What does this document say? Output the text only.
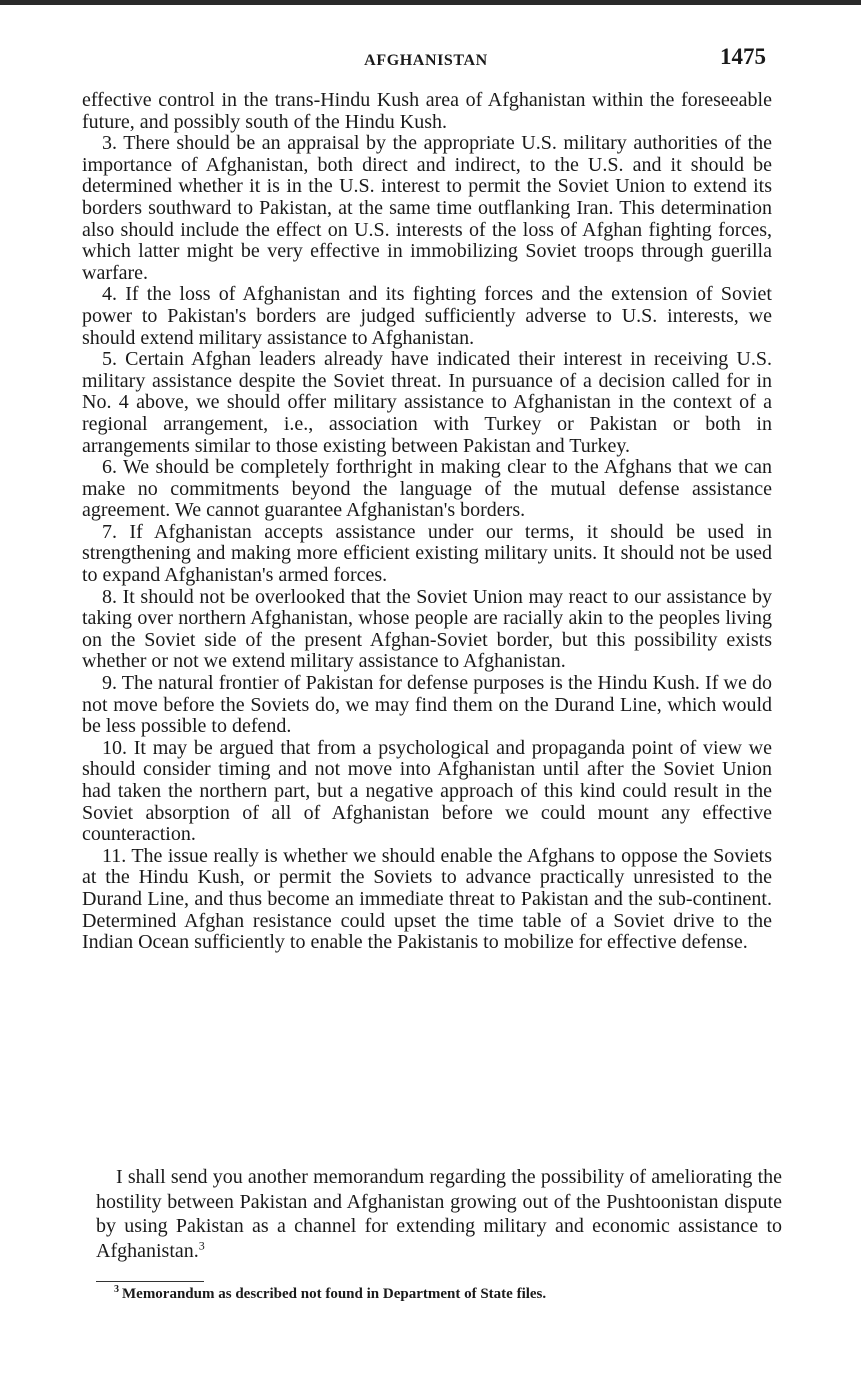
AFGHANISTAN	1475

effective control in the trans-Hindu Kush area of Afghanistan within the foreseeable future, and possibly south of the Hindu Kush.

3. There should be an appraisal by the appropriate U.S. military authorities of the importance of Afghanistan, both direct and indirect, to the U.S. and it should be determined whether it is in the U.S. interest to permit the Soviet Union to extend its borders southward to Pakistan, at the same time outflanking Iran. This determination also should include the effect on U.S. interests of the loss of Afghan fighting forces, which latter might be very effective in immobilizing Soviet troops through guerilla warfare.

4. If the loss of Afghanistan and its fighting forces and the extension of Soviet power to Pakistan's borders are judged sufficiently adverse to U.S. interests, we should extend military assistance to Afghanistan.

5. Certain Afghan leaders already have indicated their interest in receiving U.S. military assistance despite the Soviet threat. In pursuance of a decision called for in No. 4 above, we should offer military assistance to Afghanistan in the context of a regional arrangement, i.e., association with Turkey or Pakistan or both in arrangements similar to those existing between Pakistan and Turkey.

6. We should be completely forthright in making clear to the Afghans that we can make no commitments beyond the language of the mutual defense assistance agreement. We cannot guarantee Afghanistan's borders.

7. If Afghanistan accepts assistance under our terms, it should be used in strengthening and making more efficient existing military units. It should not be used to expand Afghanistan's armed forces.

8. It should not be overlooked that the Soviet Union may react to our assistance by taking over northern Afghanistan, whose people are racially akin to the peoples living on the Soviet side of the present Afghan-Soviet border, but this possibility exists whether or not we extend military assistance to Afghanistan.

9. The natural frontier of Pakistan for defense purposes is the Hindu Kush. If we do not move before the Soviets do, we may find them on the Durand Line, which would be less possible to defend.

10. It may be argued that from a psychological and propaganda point of view we should consider timing and not move into Afghanistan until after the Soviet Union had taken the northern part, but a negative approach of this kind could result in the Soviet absorption of all of Afghanistan before we could mount any effective counteraction.

11. The issue really is whether we should enable the Afghans to oppose the Soviets at the Hindu Kush, or permit the Soviets to advance practically unresisted to the Durand Line, and thus become an immediate threat to Pakistan and the sub-continent. Determined Afghan resistance could upset the time table of a Soviet drive to the Indian Ocean sufficiently to enable the Pakistanis to mobilize for effective defense.

I shall send you another memorandum regarding the possibility of ameliorating the hostility between Pakistan and Afghanistan growing out of the Pushtoonistan dispute by using Pakistan as a channel for extending military and economic assistance to Afghanistan.$^3$

$^3$ Memorandum as described not found in Department of State files.
